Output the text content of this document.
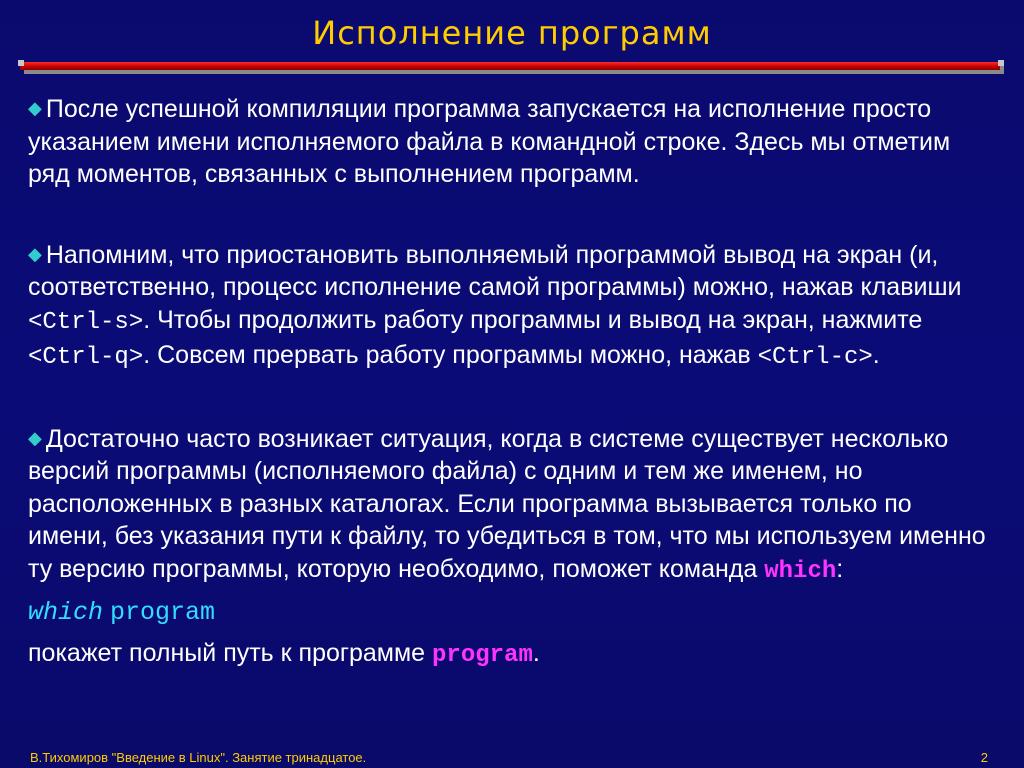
Исполнение программ

◆ После успешной компиляции программа запускается на исполнение просто указанием имени исполняемого файла в командной строке. Здесь мы отметим ряд моментов, связанных с выполнением программ.

◆ Напомним, что приостановить выполняемый программой вывод на экран (и, соответственно, процесс исполнение самой программы) можно, нажав клавиши <Ctrl-s>. Чтобы продолжить работу программы и вывод на экран, нажмите <Ctrl-q>. Совсем прервать работу программы можно, нажав <Ctrl-c>.

◆ Достаточно часто возникает ситуация, когда в системе существует несколько версий программы (исполняемого файла) с одним и тем же именем, но расположенных в разных каталогах. Если программа вызывается только по имени, без указания пути к файлу, то убедиться в том, что мы используем именно ту версию программы, которую необходимо, поможет команда which:

which program

покажет полный путь к программе program.

В.Тихомиров "Введение в Linux". Занятие тринадцатое.	2
